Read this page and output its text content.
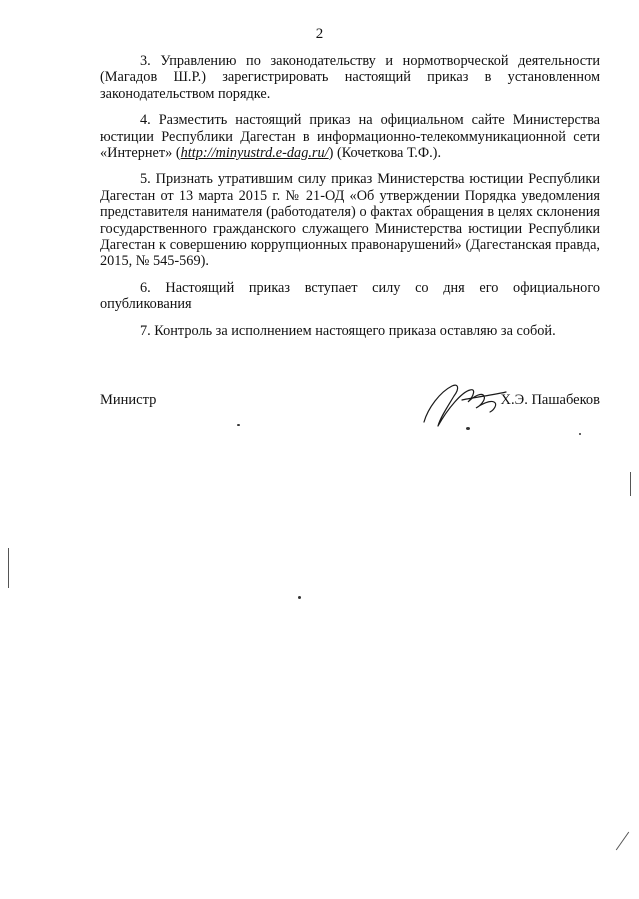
2

3. Управлению по законодательству и нормотворческой деятельности (Магадов Ш.Р.) зарегистрировать настоящий приказ в установленном законодательством порядке.

4. Разместить настоящий приказ на официальном сайте Министерства юстиции Республики Дагестан в информационно-телекоммуникационной сети «Интернет» (http://minyustrd.e-dag.ru/) (Кочеткова Т.Ф.).

5. Признать утратившим силу приказ Министерства юстиции Республики Дагестан от 13 марта 2015 г. № 21-ОД «Об утверждении Порядка уведомления представителя нанимателя (работодателя) о фактах обращения в целях склонения государственного гражданского служащего Министерства юстиции Республики Дагестан к совершению коррупционных правонарушений» (Дагестанская правда, 2015, № 545-569).

6. Настоящий приказ вступает силу со дня его официального опубликования

7. Контроль за исполнением настоящего приказа оставляю за собой.

Министр	Х.Э. Пашабеков
